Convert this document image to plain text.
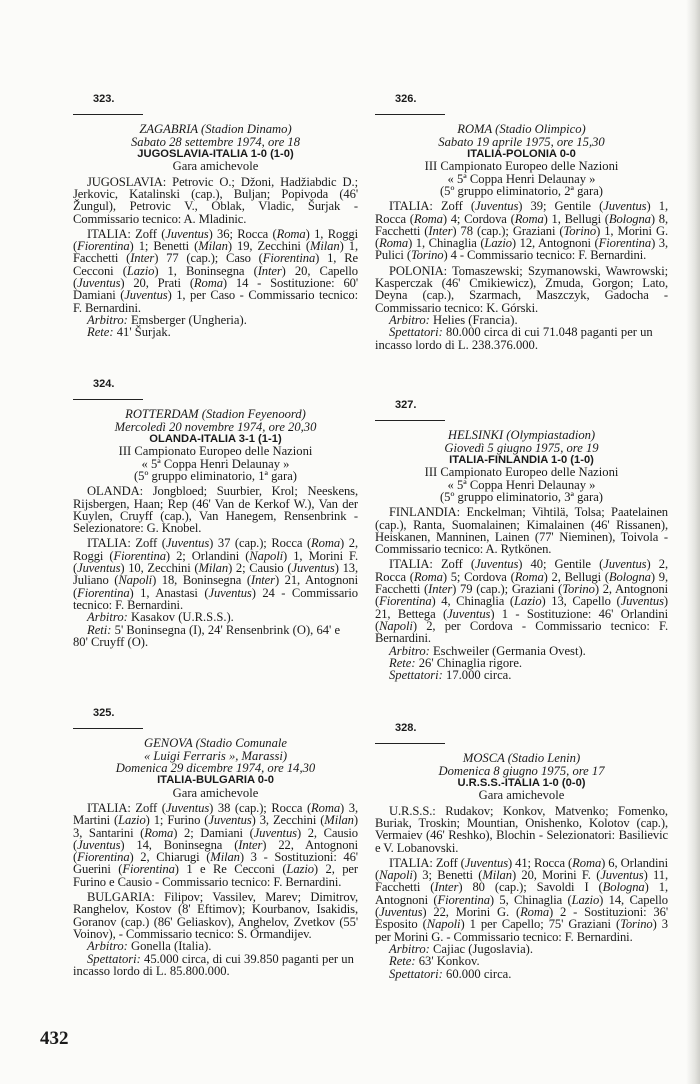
323.
ZAGABRIA (Stadion Dinamo)
Sabato 28 settembre 1974, ore 18
JUGOSLAVIA-ITALIA 1-0 (1-0)
Gara amichevole
JUGOSLAVIA: Petrovic O.; Džoni, Hadžiabdic D.; Jerkovic, Katalinski (cap.), Buljan; Popivoda (46' Žungul), Petrovic V., Oblak, Vladic, Šurjak - Commissario tecnico: A. Mladinic.
ITALIA: Zoff (Juventus) 36; Rocca (Roma) 1, Roggi (Fiorentina) 1; Benetti (Milan) 19, Zecchini (Milan) 1, Facchetti (Inter) 77 (cap.); Caso (Fiorentina) 1, Re Cecconi (Lazio) 1, Boninsegna (Inter) 20, Capello (Juventus) 20, Prati (Roma) 14 - Sostituzione: 60' Damiani (Juventus) 1, per Caso - Commissario tecnico: F. Bernardini.
Arbitro: Emsberger (Ungheria).
Rete: 41' Šurjak.
324.
ROTTERDAM (Stadion Feyenoord)
Mercoledì 20 novembre 1974, ore 20,30
OLANDA-ITALIA 3-1 (1-1)
III Campionato Europeo delle Nazioni
« 5ª Coppa Henri Delaunay »
(5º gruppo eliminatorio, 1ª gara)
OLANDA: Jongbloed; Suurbier, Krol; Neeskens, Rijsbergen, Haan; Rep (46' Van de Kerkof W.), Van der Kuylen, Cruyff (cap.), Van Hanegem, Rensenbrink - Selezionatore: G. Knobel.
ITALIA: Zoff (Juventus) 37 (cap.); Rocca (Roma) 2, Roggi (Fiorentina) 2; Orlandini (Napoli) 1, Morini F. (Juventus) 10, Zecchini (Milan) 2; Causio (Juventus) 13, Juliano (Napoli) 18, Boninsegna (Inter) 21, Antognoni (Fiorentina) 1, Anastasi (Juventus) 24 - Commissario tecnico: F. Bernardini.
Arbitro: Kasakov (U.R.S.S.).
Reti: 5' Boninsegna (I), 24' Rensenbrink (O), 64' e 80' Cruyff (O).
325.
GENOVA (Stadio Comunale
« Luigi Ferraris », Marassi)
Domenica 29 dicembre 1974, ore 14,30
ITALIA-BULGARIA 0-0
Gara amichevole
ITALIA: Zoff (Juventus) 38 (cap.); Rocca (Roma) 3, Martini (Lazio) 1; Furino (Juventus) 3, Zecchini (Milan) 3, Santarini (Roma) 2; Damiani (Juventus) 2, Causio (Juventus) 14, Boninsegna (Inter) 22, Antognoni (Fiorentina) 2, Chiarugi (Milan) 3 - Sostituzioni: 46' Guerini (Fiorentina) 1 e Re Cecconi (Lazio) 2, per Furino e Causio - Commissario tecnico: F. Bernardini.
BULGARIA: Filipov; Vassilev, Marev; Dimitrov, Ranghelov, Kostov (8' Eftimov); Kourbanov, Isakidis, Goranov (cap.) (86' Geliaskov), Anghelov, Zvetkov (55' Voinov), - Commissario tecnico: S. Ormandijev.
Arbitro: Gonella (Italia).
Spettatori: 45.000 circa, di cui 39.850 paganti per un incasso lordo di L. 85.800.000.
326.
ROMA (Stadio Olimpico)
Sabato 19 aprile 1975, ore 15,30
ITALIA-POLONIA 0-0
III Campionato Europeo delle Nazioni
« 5ª Coppa Henri Delaunay »
(5º gruppo eliminatorio, 2ª gara)
ITALIA: Zoff (Juventus) 39; Gentile (Juventus) 1, Rocca (Roma) 4; Cordova (Roma) 1, Bellugi (Bologna) 8, Facchetti (Inter) 78 (cap.); Graziani (Torino) 1, Morini G. (Roma) 1, Chinaglia (Lazio) 12, Antognoni (Fiorentina) 3, Pulici (Torino) 4 - Commissario tecnico: F. Bernardini.
POLONIA: Tomaszewski; Szymanowski, Wawrowski; Kasperczak (46' Cmikiewicz), Zmuda, Gorgon; Lato, Deyna (cap.), Szarmach, Maszczyk, Gadocha - Commissario tecnico: K. Górski.
Arbitro: Helies (Francia).
Spettatori: 80.000 circa di cui 71.048 paganti per un incasso lordo di L. 238.376.000.
327.
HELSINKI (Olympiastadion)
Giovedì 5 giugno 1975, ore 19
ITALIA-FINLANDIA 1-0 (1-0)
III Campionato Europeo delle Nazioni
« 5ª Coppa Henri Delaunay »
(5º gruppo eliminatorio, 3ª gara)
FINLANDIA: Enckelman; Vihtilä, Tolsa; Paatelainen (cap.), Ranta, Suomalainen; Kimalainen (46' Rissanen), Heiskanen, Manninen, Lainen (77' Nieminen), Toivola - Commissario tecnico: A. Rytkönen.
ITALIA: Zoff (Juventus) 40; Gentile (Juventus) 2, Rocca (Roma) 5; Cordova (Roma) 2, Bellugi (Bologna) 9, Facchetti (Inter) 79 (cap.); Graziani (Torino) 2, Antognoni (Fiorentina) 4, Chinaglia (Lazio) 13, Capello (Juventus) 21, Bettega (Juventus) 1 - Sostituzione: 46' Orlandini (Napoli) 2, per Cordova - Commissario tecnico: F. Bernardini.
Arbitro: Eschweiler (Germania Ovest).
Rete: 26' Chinaglia rigore.
Spettatori: 17.000 circa.
328.
MOSCA (Stadio Lenin)
Domenica 8 giugno 1975, ore 17
U.R.S.S.-ITALIA 1-0 (0-0)
Gara amichevole
U.R.S.S.: Rudakov; Konkov, Matvenko; Fomenko, Buriak, Troskin; Mountian, Onishenko, Kolotov (cap.), Vermaiev (46' Reshko), Blochin - Selezionatori: Basilievic e V. Lobanovski.
ITALIA: Zoff (Juventus) 41; Rocca (Roma) 6, Orlandini (Napoli) 3; Benetti (Milan) 20, Morini F. (Juventus) 11, Facchetti (Inter) 80 (cap.); Savoldi I (Bologna) 1, Antognoni (Fiorentina) 5, Chinaglia (Lazio) 14, Capello (Juventus) 22, Morini G. (Roma) 2 - Sostituzioni: 36' Esposito (Napoli) 1 per Capello; 75' Graziani (Torino) 3 per Morini G. - Commissario tecnico: F. Bernardini.
Arbitro: Cajiac (Jugoslavia).
Rete: 63' Konkov.
Spettatori: 60.000 circa.
432
